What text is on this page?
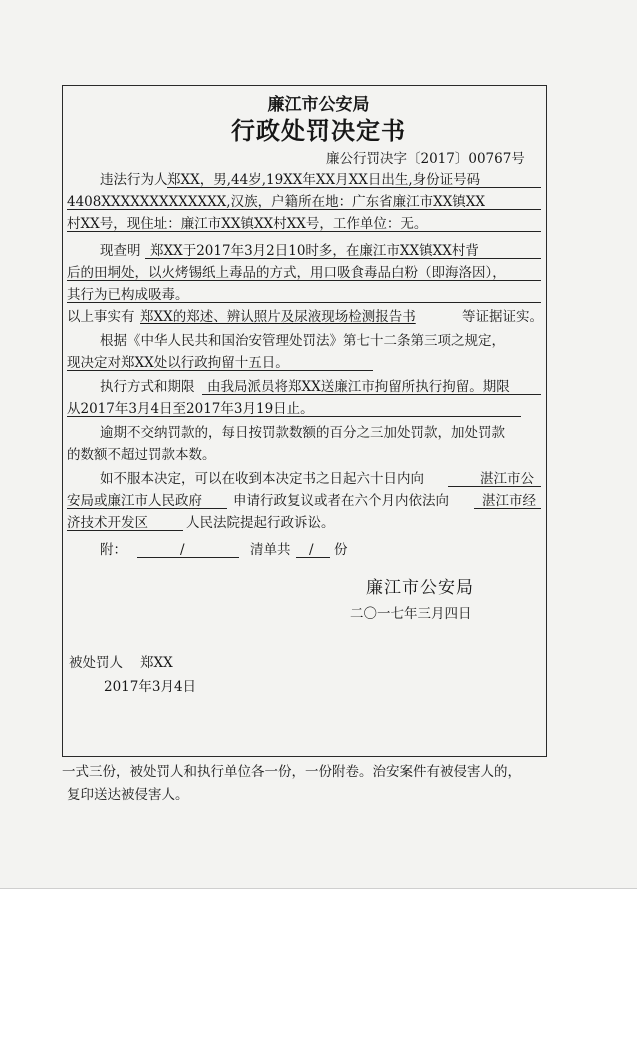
廉江市公安局
行政处罚决定书
廉公行罚决字〔2017〕00767号
违法行为人 郑XX，男,44岁,19XX年XX月XX日出生,身份证号码
4408XXXXXXXXXXXXX,汉族，户籍所在地：广东省廉江市XX镇XX
村XX号，现住址：廉江市XX镇XX村XX号，工作单位：无。
现查明 郑XX于2017年3月2日10时多，在廉江市XX镇XX村背
后的田垌处，以火烤锡纸上毒品的方式，用口吸食毒品白粉（即海洛因），
其行为已构成吸毒。
以上事实有 郑XX的郑述、辨认照片及尿液现场检测报告书	等证据证实。
根据《中华人民共和国治安管理处罚法》第七十二条第三项之规定，
现决定对郑XX处以行政拘留十五日。
执行方式和期限 由我局派员将郑XX送廉江市拘留所执行拘留。期限
从2017年3月4日至2017年3月19日止。
逾期不交纳罚款的，每日按罚款数额的百分之三加处罚款，加处罚款
的数额不超过罚款本数。
如不服本决定，可以在收到本决定书之日起六十日内向	湛江市公
安局或廉江市人民政府 申请行政复议或者在六个月内依法向 湛江市经
济技术开发区	人民法院提起行政诉讼。
附：	/	清单共 / 份
廉江市公安局
二〇一七年三月四日
被处罚人 郑XX
2017年3月4日
一式三份，被处罚人和执行单位各一份，一份附卷。治安案件有被侵害人的，
复印送达被侵害人。
